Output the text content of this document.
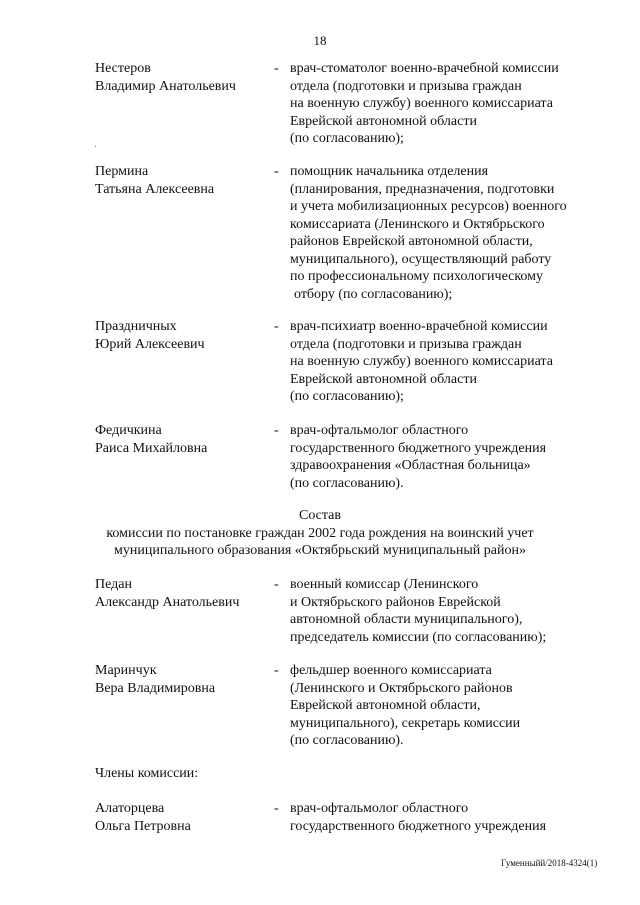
18
Нестеров
Владимир Анатольевич
- врач-стоматолог военно-врачебной комиссии
отдела (подготовки и призыва граждан
на военную службу) военного комиссариата
Еврейской автономной области
(по согласованию);
Пермина
Татьяна Алексеевна
- помощник начальника отделения
(планирования, предназначения, подготовки
и учета мобилизационных ресурсов) военного
комиссариата (Ленинского и Октябрьского
районов Еврейской автономной области,
муниципального), осуществляющий работу
по профессиональному психологическому
отбору (по согласованию);
Праздничных
Юрий Алексеевич
- врач-психиатр военно-врачебной комиссии
отдела (подготовки и призыва граждан
на военную службу) военного комиссариата
Еврейской автономной области
(по согласованию);
Федичкина
Раиса Михайловна
- врач-офтальмолог областного
государственного бюджетного учреждения
здравоохранения «Областная больница»
(по согласованию).
Состав
комиссии по постановке граждан 2002 года рождения на воинский учет
муниципального образования «Октябрьский муниципальный район»
Педан
Александр Анатольевич
- военный комиссар (Ленинского
и Октябрьского районов Еврейской
автономной области муниципального),
председатель комиссии (по согласованию);
Маринчук
Вера Владимировна
- фельдшер военного комиссариата
(Ленинского и Октябрьского районов
Еврейской автономной области,
муниципального), секретарь комиссии
(по согласованию).
Члены комиссии:
Алаторцева
Ольга Петровна
- врач-офтальмолог областного
государственного бюджетного учреждения
Гуменныйй/2018-4324(1)
